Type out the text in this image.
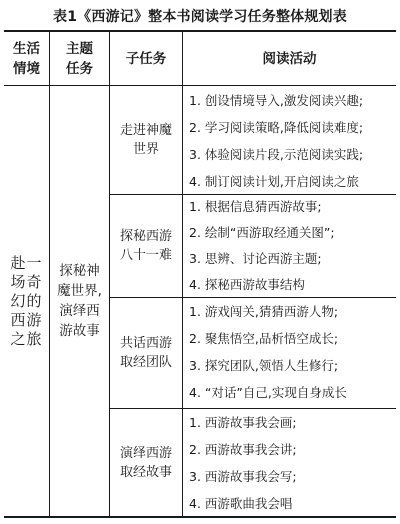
表1《西游记》整本书阅读学习任务整体规划表
生活
情境
主题
任务
子任务	阅读活动
赴一
场奇
幻的
西游
之旅
探秘神
魔世界,
演绎西
游故事
走进神魔
世界
1. 创设情境导入,激发阅读兴趣;
2. 学习阅读策略,降低阅读难度;
3. 体验阅读片段,示范阅读实践;
4. 制订阅读计划,开启阅读之旅
探秘西游
八十一难
1. 根据信息猜西游故事;
2. 绘制“西游取经通关图”;
3. 思辨、讨论西游主题;
4. 探秘西游故事结构
共话西游
取经团队
1. 游戏闯关,猜猜西游人物;
2. 聚焦悟空,品析悟空成长;
3. 探究团队,领悟人生修行;
4. “对话”自己,实现自身成长
演绎西游
取经故事
1. 西游故事我会画;
2. 西游故事我会讲;
3. 西游故事我会写;
4. 西游歌曲我会唱
